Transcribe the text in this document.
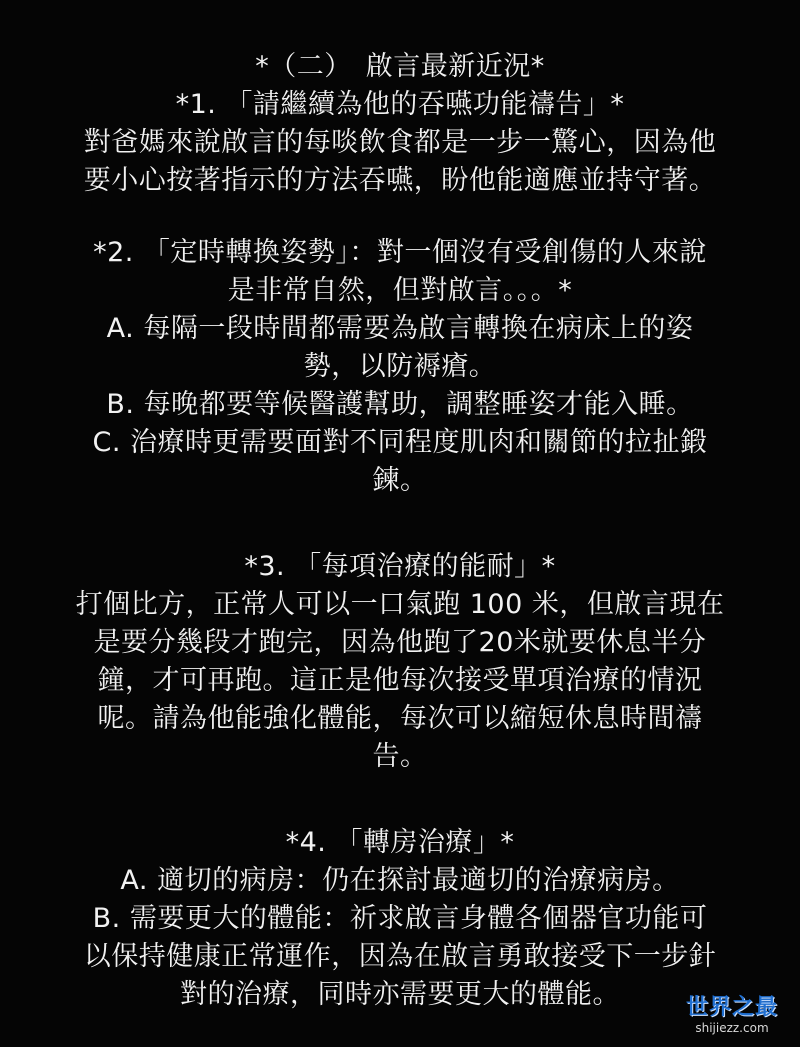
*（二）　啟言最新近況*
*1. 「請繼續為他的吞嚥功能禱告」*
對爸媽來說啟言的每啖飲食都是一步一驚心，因為他
要小心按著指示的方法吞嚥，盼他能適應並持守著。
*2. 「定時轉換姿勢」：對一個沒有受創傷的人來說
是非常自然，但對啟言。。。*
A. 每隔一段時間都需要為啟言轉換在病床上的姿
勢，以防褥瘡。
B. 每晚都要等候醫護幫助，調整睡姿才能入睡。
C. 治療時更需要面對不同程度肌肉和關節的拉扯鍛
鍊。
*3. 「每項治療的能耐」*
打個比方，正常人可以一口氣跑 100 米，但啟言現在
是要分幾段才跑完，因為他跑了20米就要休息半分
鐘，才可再跑。這正是他每次接受單項治療的情況
呢。請為他能強化體能，每次可以縮短休息時間禱
告。
*4. 「轉房治療」*
A. 適切的病房：仍在探討最適切的治療病房。
B. 需要更大的體能：祈求啟言身體各個器官功能可
以保持健康正常運作，因為在啟言勇敢接受下一步針
對的治療，同時亦需要更大的體能。	世界之最
shijiezz.com
